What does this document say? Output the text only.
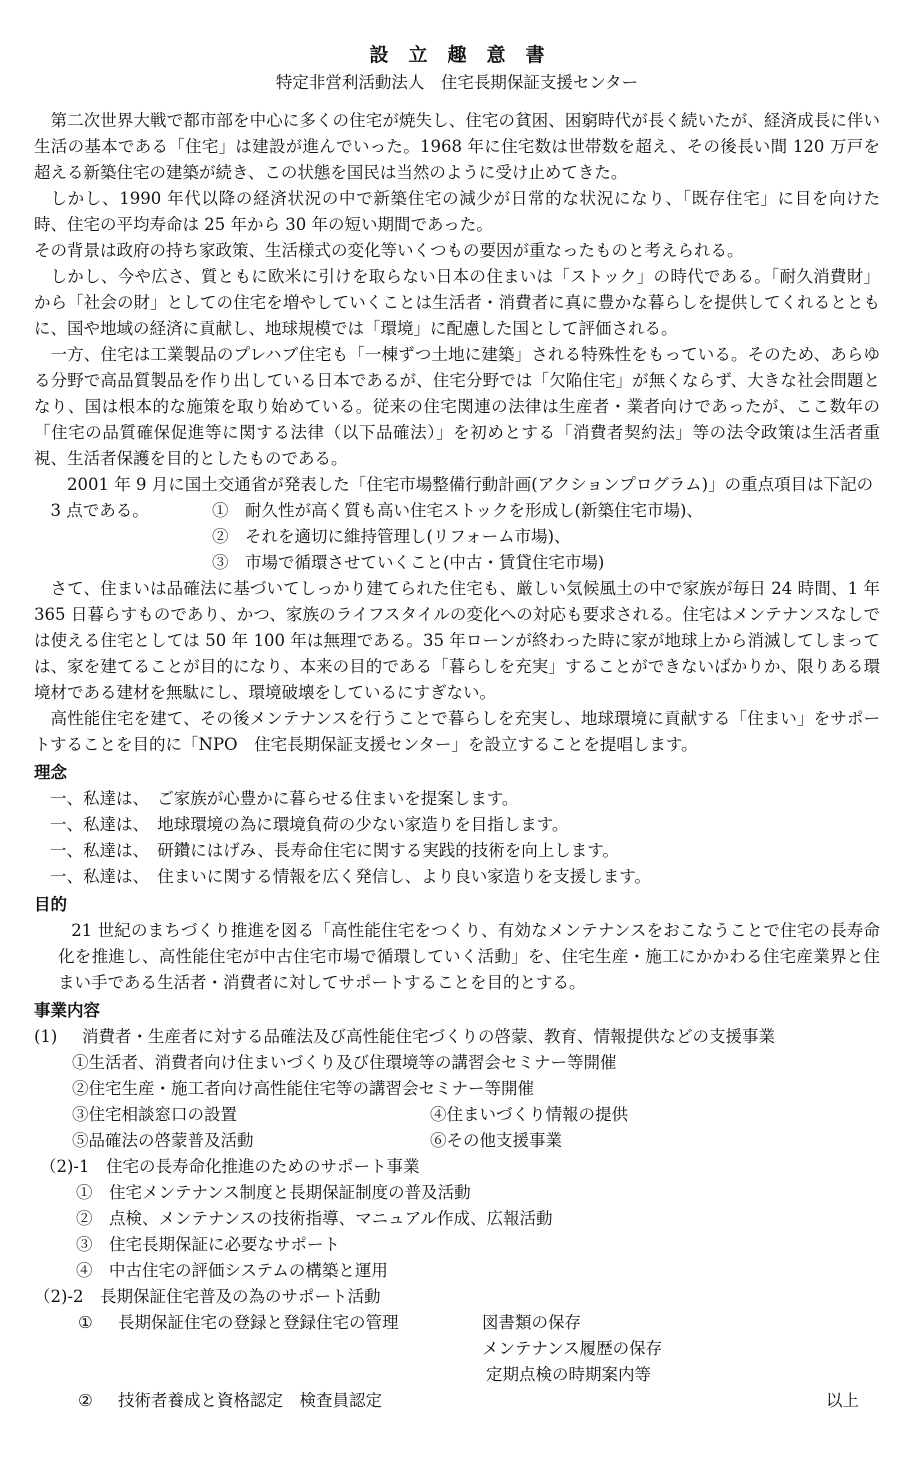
設立趣意書
特定非営利活動法人　住宅長期保証支援センター

第二次世界大戦で都市部を中心に多くの住宅が焼失し、住宅の貧困、困窮時代が長く続いたが、経済成長に伴い生活の基本である「住宅」は建設が進んでいった。1968 年に住宅数は世帯数を超え、その後長い間 120 万戸を超える新築住宅の建築が続き、この状態を国民は当然のように受け止めてきた。

しかし、1990 年代以降の経済状況の中で新築住宅の減少が日常的な状況になり、「既存住宅」に目を向けた時、住宅の平均寿命は 25 年から 30 年の短い期間であった。

その背景は政府の持ち家政策、生活様式の変化等いくつもの要因が重なったものと考えられる。

しかし、今や広さ、質ともに欧米に引けを取らない日本の住まいは「ストック」の時代である。「耐久消費財」から「社会の財」としての住宅を増やしていくことは生活者・消費者に真に豊かな暮らしを提供してくれるとともに、国や地域の経済に貢献し、地球規模では「環境」に配慮した国として評価される。

一方、住宅は工業製品のプレハブ住宅も「一棟ずつ土地に建築」される特殊性をもっている。そのため、あらゆる分野で高品質製品を作り出している日本であるが、住宅分野では「欠陥住宅」が無くならず、大きな社会問題となり、国は根本的な施策を取り始めている。従来の住宅関連の法律は生産者・業者向けであったが、ここ数年の「住宅の品質確保促進等に関する法律（以下品確法）」を初めとする「消費者契約法」等の法令政策は生活者重視、生活者保護を目的としたものである。

2001 年 9 月に国土交通省が発表した「住宅市場整備行動計画(アクションプログラム)」の重点項目は下記の

3 点である。	①　耐久性が高く質も高い住宅ストックを形成し(新築住宅市場)、
②　それを適切に維持管理し(リフォーム市場)、
③　市場で循環させていくこと(中古・賃貸住宅市場)

さて、住まいは品確法に基づいてしっかり建てられた住宅も、厳しい気候風土の中で家族が毎日 24 時間、1 年 365 日暮らすものであり、かつ、家族のライフスタイルの変化への対応も要求される。住宅はメンテナンスなしでは使える住宅としては 50 年 100 年は無理である。35 年ローンが終わった時に家が地球上から消滅してしまっては、家を建てることが目的になり、本来の目的である「暮らしを充実」することができないばかりか、限りある環境材である建材を無駄にし、環境破壊をしているにすぎない。

高性能住宅を建て、その後メンテナンスを行うことで暮らしを充実し、地球環境に貢献する「住まい」をサポートすることを目的に「NPO　住宅長期保証支援センター」を設立することを提唱します。

理念
一、私達は、　ご家族が心豊かに暮らせる住まいを提案します。
一、私達は、　地球環境の為に環境負荷の少ない家造りを目指します。
一、私達は、　研鑽にはげみ、長寿命住宅に関する実践的技術を向上します。
一、私達は、　住まいに関する情報を広く発信し、より良い家造りを支援します。
目的

21 世紀のまちづくり推進を図る「高性能住宅をつくり、有効なメンテナンスをおこなうことで住宅の長寿命化を推進し、高性能住宅が中古住宅市場で循環していく活動」を、住宅生産・施工にかかわる住宅産業界と住まい手である生活者・消費者に対してサポートすることを目的とする。

事業内容
(1)	消費者・生産者に対する品確法及び高性能住宅づくりの啓蒙、教育、情報提供などの支援事業
①生活者、消費者向け住まいづくり及び住環境等の講習会セミナー等開催
②住宅生産・施工者向け高性能住宅等の講習会セミナー等開催
③住宅相談窓口の設置	④住まいづくり情報の提供
⑤品確法の啓蒙普及活動	⑥その他支援事業
（2)-1　住宅の長寿命化推進のためのサポート事業
①　住宅メンテナンス制度と長期保証制度の普及活動
②　点検、メンテナンスの技術指導、マニュアル作成、広報活動
③　住宅長期保証に必要なサポート
④　中古住宅の評価システムの構築と運用
（2)-2　長期保証住宅普及の為のサポート活動
①	長期保証住宅の登録と登録住宅の管理	図書類の保存
メンテナンス履歴の保存
定期点検の時期案内等
②	技術者養成と資格認定　検査員認定	以上
